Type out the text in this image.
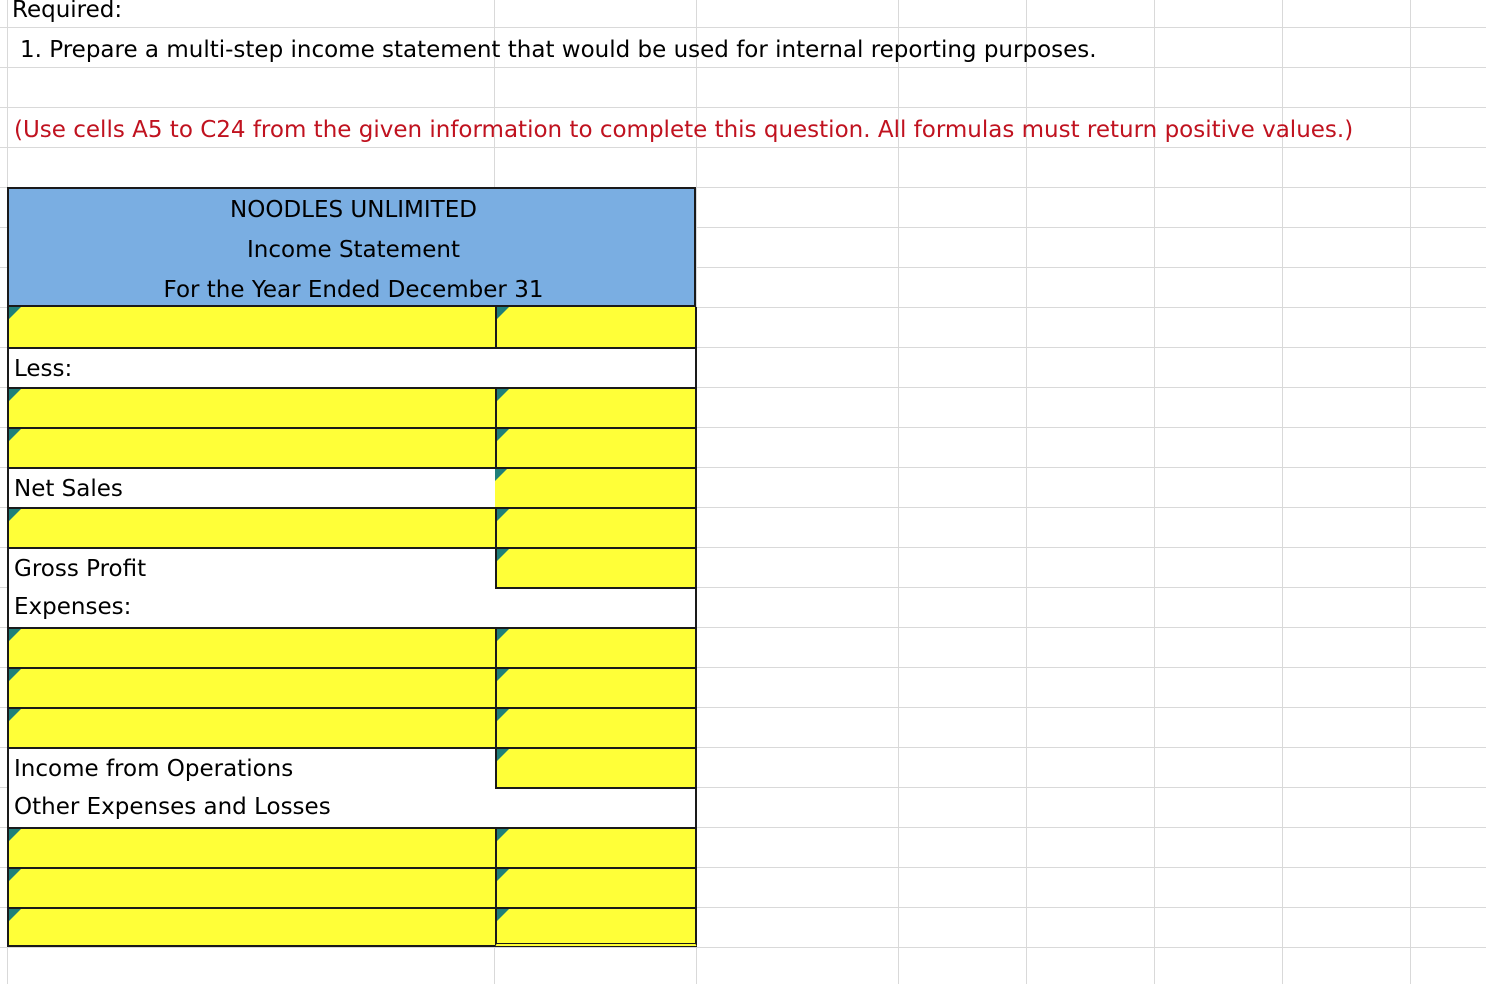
Required:
1. Prepare a multi-step income statement that would be used for internal reporting purposes.
(Use cells A5 to C24 from the given information to complete this question. All formulas must return positive values.)
NOODLES UNLIMITED
Income Statement
For the Year Ended December 31
Less:
Net Sales
Gross Profit
Expenses:
Income from Operations
Other Expenses and Losses
